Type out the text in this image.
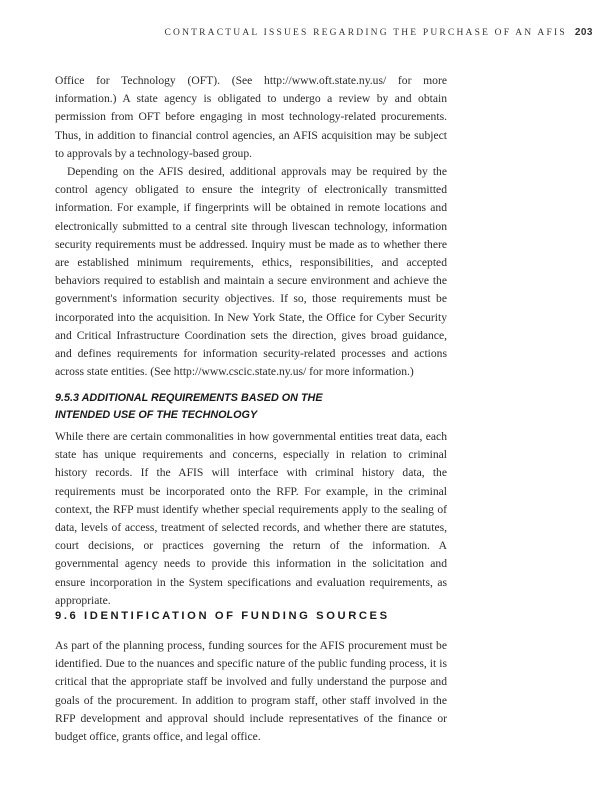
CONTRACTUAL ISSUES REGARDING THE PURCHASE OF AN AFIS 203

Office for Technology (OFT). (See http://www.oft.state.ny.us/ for more information.) A state agency is obligated to undergo a review by and obtain permission from OFT before engaging in most technology-related procurements. Thus, in addition to financial control agencies, an AFIS acquisition may be subject to approvals by a technology-based group.

Depending on the AFIS desired, additional approvals may be required by the control agency obligated to ensure the integrity of electronically transmitted information. For example, if fingerprints will be obtained in remote locations and electronically submitted to a central site through livescan technology, information security requirements must be addressed. Inquiry must be made as to whether there are established minimum requirements, ethics, responsibilities, and accepted behaviors required to establish and maintain a secure environment and achieve the government's information security objectives. If so, those requirements must be incorporated into the acquisition. In New York State, the Office for Cyber Security and Critical Infrastructure Coordination sets the direction, gives broad guidance, and defines requirements for information security-related processes and actions across state entities. (See http://www.cscic.state.ny.us/ for more information.)

9.5.3 ADDITIONAL REQUIREMENTS BASED ON THE
INTENDED USE OF THE TECHNOLOGY

While there are certain commonalities in how governmental entities treat data, each state has unique requirements and concerns, especially in relation to criminal history records. If the AFIS will interface with criminal history data, the requirements must be incorporated onto the RFP. For example, in the criminal context, the RFP must identify whether special requirements apply to the sealing of data, levels of access, treatment of selected records, and whether there are statutes, court decisions, or practices governing the return of the information. A governmental agency needs to provide this information in the solicitation and ensure incorporation in the System specifications and evaluation requirements, as appropriate.

9.6 IDENTIFICATION OF FUNDING SOURCES

As part of the planning process, funding sources for the AFIS procurement must be identified. Due to the nuances and specific nature of the public funding process, it is critical that the appropriate staff be involved and fully understand the purpose and goals of the procurement. In addition to program staff, other staff involved in the RFP development and approval should include representatives of the finance or budget office, grants office, and legal office.
